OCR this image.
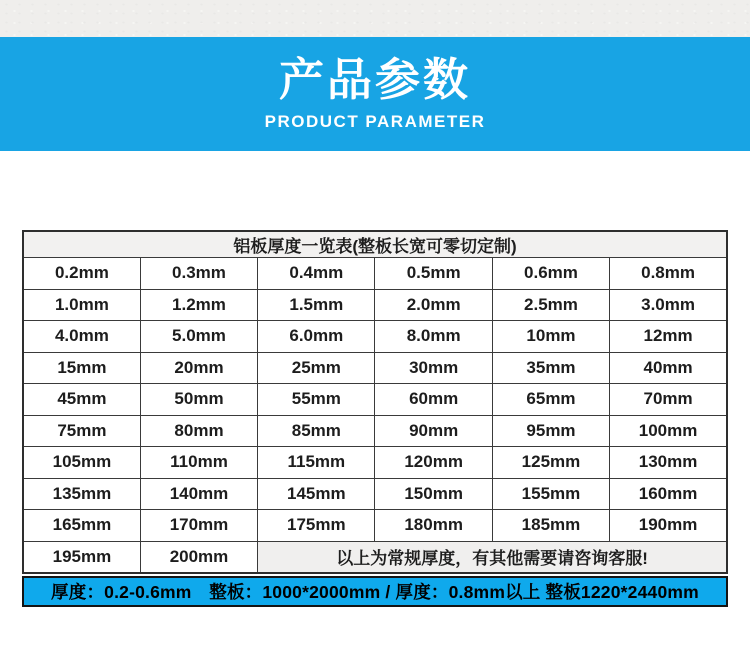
产品参数
PRODUCT PARAMETER
铝板厚度一览表(整板长宽可零切定制)					
0.2mm	0.3mm	0.4mm	0.5mm	0.6mm	0.8mm
1.0mm	1.2mm	1.5mm	2.0mm	2.5mm	3.0mm
4.0mm	5.0mm	6.0mm	8.0mm	10mm	12mm
15mm	20mm	25mm	30mm	35mm	40mm
45mm	50mm	55mm	60mm	65mm	70mm
75mm	80mm	85mm	90mm	95mm	100mm
105mm	110mm	115mm	120mm	125mm	130mm
135mm	140mm	145mm	150mm	155mm	160mm
165mm	170mm	175mm	180mm	185mm	190mm
195mm	200mm	以上为常规厚度，有其他需要请咨询客服!			
厚度：0.2-0.6mm　整板：1000*2000mm / 厚度：0.8mm以上 整板1220*2440mm
